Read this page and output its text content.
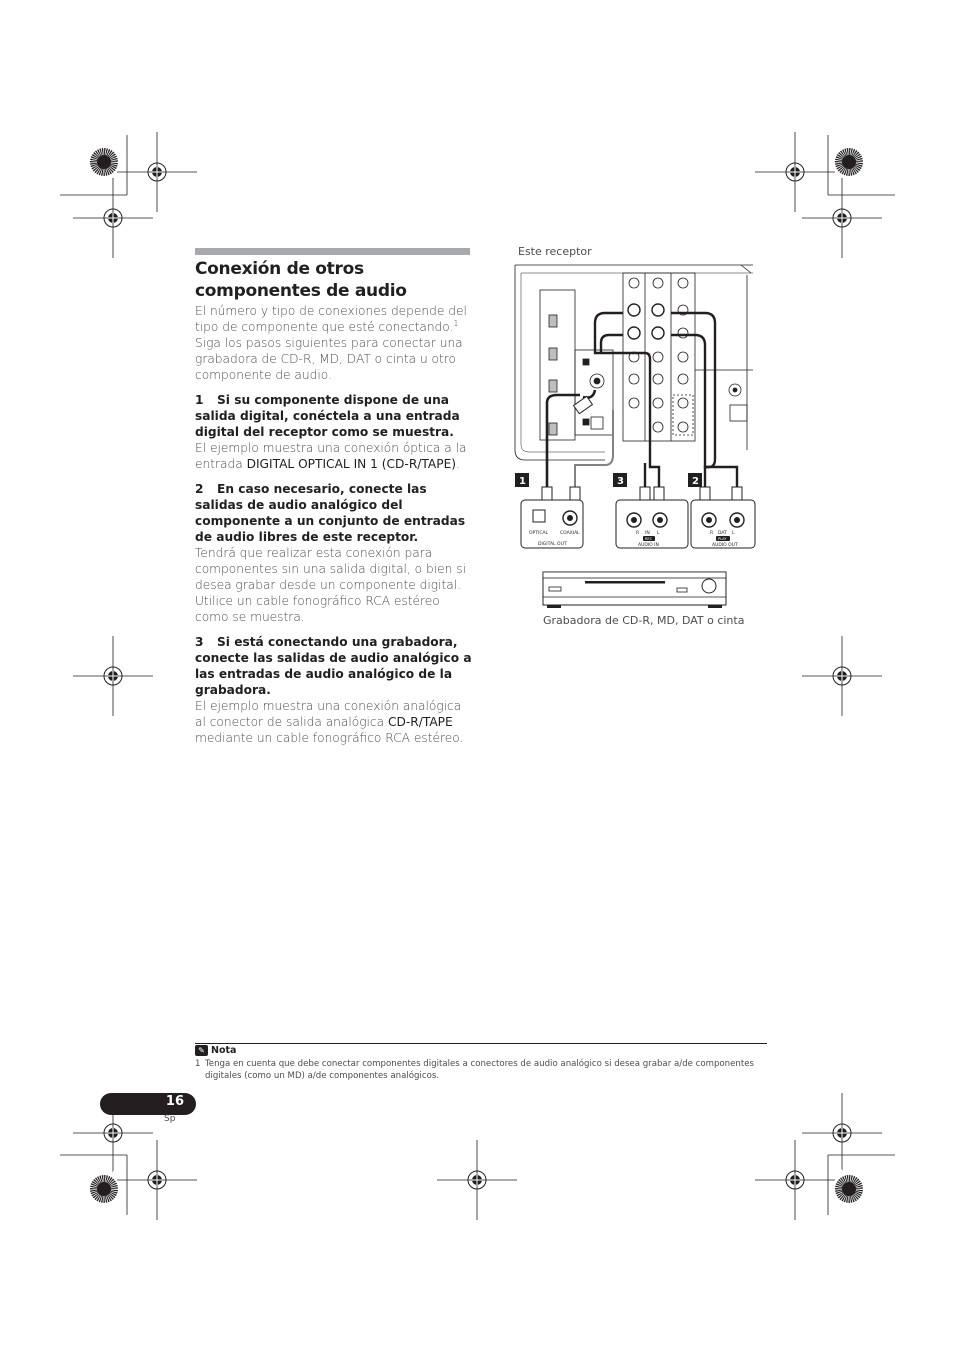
Conexión de otros componentes de audio

El número y tipo de conexiones depende del tipo de componente que esté conectando.$^1$ Siga los pasos siguientes para conectar una grabadora de CD-R, MD, DAT o cinta u otro componente de audio.

1 Si su componente dispone de una salida digital, conéctela a una entrada digital del receptor como se muestra.

El ejemplo muestra una conexión óptica a la entrada DIGITAL OPTICAL IN 1 (CD-R/TAPE).

2 En caso necesario, conecte las salidas de audio analógico del componente a un conjunto de entradas de audio libres de este receptor.

Tendrá que realizar esta conexión para componentes sin una salida digital, o bien si desea grabar desde un componente digital. Utilice un cable fonográfico RCA estéreo como se muestra.

3 Si está conectando una grabadora, conecte las salidas de audio analógico a las entradas de audio analógico de la grabadora.

El ejemplo muestra una conexión analógica al conector de salida analógica CD-R/TAPE mediante un cable fonográfico RCA estéreo.

Este receptor
OPTICAL	COAXIAL
DIGITAL OUT
R IN L
REC
AUDIO IN
R DAT L
PLAY
AUDIO OUT
1	3	2
Grabadora de CD-R, MD, DAT o cinta
✎ Nota
1 Tenga en cuenta que debe conectar componentes digitales a conectores de audio analógico si desea grabar a/de componentes digitales (como un MD) a/de componentes analógicos.
16
Sp
